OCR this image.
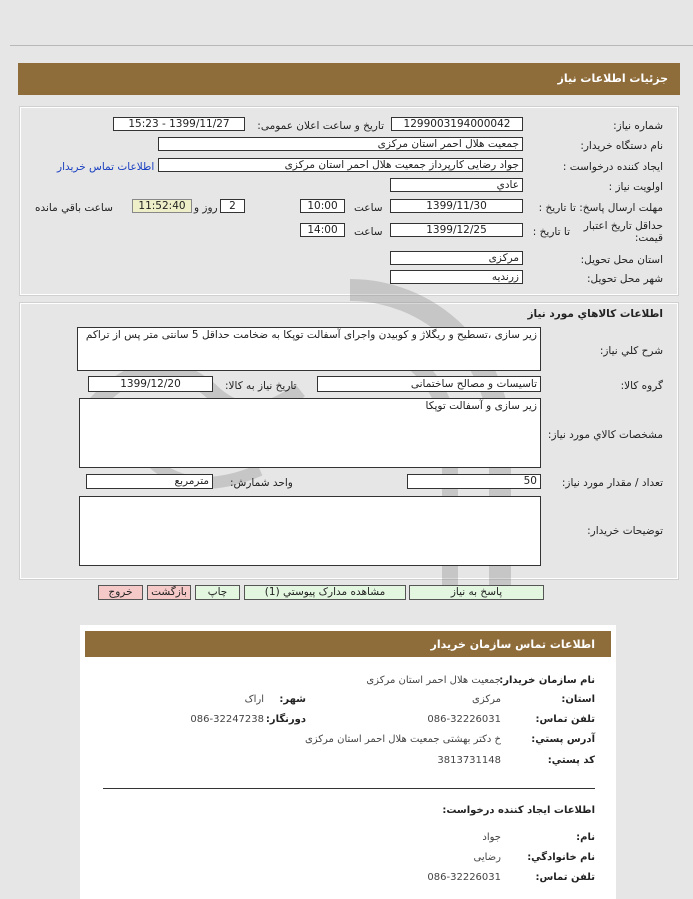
جزئیات اطلاعات نیاز
شماره نیاز:
1299003194000042
تاریخ و ساعت اعلان عمومی:
1399/11/27 - 15:23
نام دستگاه خریدار:
جمعیت هلال احمر استان مرکزی
ایجاد کننده درخواست :
جواد رضایی کارپرداز جمعیت هلال احمر استان مرکزی
اطلاعات تماس خریدار
اولویت نیاز :
عادي
مهلت ارسال پاسخ: تا تاریخ :
1399/11/30
ساعت
10:00
2
روز و
11:52:40
ساعت باقي مانده
حداقل تاریخ اعتبار قیمت:
تا تاریخ :
1399/12/25
ساعت
14:00
استان محل تحویل:
مرکزی
شهر محل تحویل:
زرندیه
اطلاعات کالاهاي مورد نیاز
شرح کلي نیاز:
زیر سازی ،تسطیح و ریگلاژ و کوبیدن واجرای آسفالت توپکا به ضخامت حداقل 5 سانتی متر پس از تراکم
گروه کالا:
تاسیسات و مصالح ساختمانی
تاریخ نیاز به کالا:
1399/12/20
مشخصات کالاي مورد نیاز:
زیر سازی و آسفالت توپکا
تعداد / مقدار مورد نیاز:
50
واحد شمارش:
مترمربع
توضیحات خریدار:
پاسخ به نیاز
مشاهده مدارک پیوستي (1)
چاپ
بازگشت
خروج
اطلاعات تماس سازمان خریدار
نام سازمان خریدار:
جمعیت هلال احمر استان مرکزی
استان:
مرکزی
شهر:
اراک
تلفن تماس:
086-32226031
دورنگار:
086-32247238
آدرس پستي:
خ دکتر بهشتی جمعیت هلال احمر استان مرکزی
کد پستي:
3813731148
اطلاعات ایجاد کننده درخواست:
نام:
جواد
نام خانوادگي:
رضایی
تلفن تماس:
086-32226031
